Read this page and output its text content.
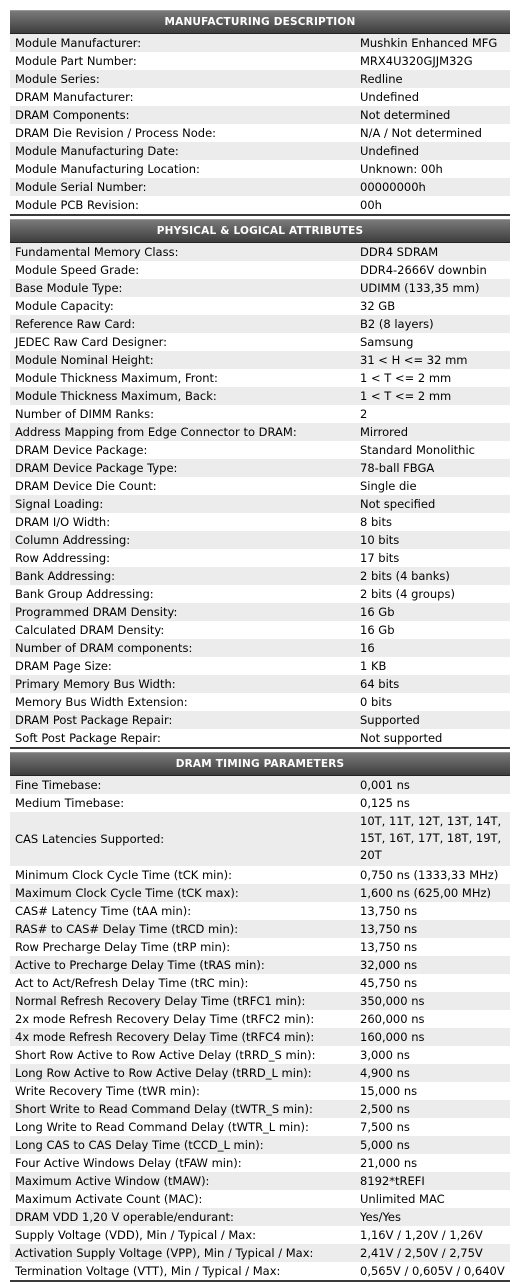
MANUFACTURING DESCRIPTION
Module Manufacturer:	Mushkin Enhanced MFG
Module Part Number:	MRX4U320GJJM32G
Module Series:	Redline
DRAM Manufacturer:	Undefined
DRAM Components:	Not determined
DRAM Die Revision / Process Node:	N/A / Not determined
Module Manufacturing Date:	Undefined
Module Manufacturing Location:	Unknown: 00h
Module Serial Number:	00000000h
Module PCB Revision:	00h
PHYSICAL & LOGICAL ATTRIBUTES
Fundamental Memory Class:	DDR4 SDRAM
Module Speed Grade:	DDR4-2666V downbin
Base Module Type:	UDIMM (133,35 mm)
Module Capacity:	32 GB
Reference Raw Card:	B2 (8 layers)
JEDEC Raw Card Designer:	Samsung
Module Nominal Height:	31 < H <= 32 mm
Module Thickness Maximum, Front:	1 < T <= 2 mm
Module Thickness Maximum, Back:	1 < T <= 2 mm
Number of DIMM Ranks:	2
Address Mapping from Edge Connector to DRAM:	Mirrored
DRAM Device Package:	Standard Monolithic
DRAM Device Package Type:	78-ball FBGA
DRAM Device Die Count:	Single die
Signal Loading:	Not specified
DRAM I/O Width:	8 bits
Column Addressing:	10 bits
Row Addressing:	17 bits
Bank Addressing:	2 bits (4 banks)
Bank Group Addressing:	2 bits (4 groups)
Programmed DRAM Density:	16 Gb
Calculated DRAM Density:	16 Gb
Number of DRAM components:	16
DRAM Page Size:	1 KB
Primary Memory Bus Width:	64 bits
Memory Bus Width Extension:	0 bits
DRAM Post Package Repair:	Supported
Soft Post Package Repair:	Not supported
DRAM TIMING PARAMETERS
Fine Timebase:	0,001 ns
Medium Timebase:	0,125 ns
CAS Latencies Supported:
10T, 11T, 12T, 13T, 14T, 15T, 16T, 17T, 18T, 19T, 20T
Minimum Clock Cycle Time (tCK min):	0,750 ns (1333,33 MHz)
Maximum Clock Cycle Time (tCK max):	1,600 ns (625,00 MHz)
CAS# Latency Time (tAA min):	13,750 ns
RAS# to CAS# Delay Time (tRCD min):	13,750 ns
Row Precharge Delay Time (tRP min):	13,750 ns
Active to Precharge Delay Time (tRAS min):	32,000 ns
Act to Act/Refresh Delay Time (tRC min):	45,750 ns
Normal Refresh Recovery Delay Time (tRFC1 min):	350,000 ns
2x mode Refresh Recovery Delay Time (tRFC2 min):	260,000 ns
4x mode Refresh Recovery Delay Time (tRFC4 min):	160,000 ns
Short Row Active to Row Active Delay (tRRD_S min):	3,000 ns
Long Row Active to Row Active Delay (tRRD_L min):	4,900 ns
Write Recovery Time (tWR min):	15,000 ns
Short Write to Read Command Delay (tWTR_S min):	2,500 ns
Long Write to Read Command Delay (tWTR_L min):	7,500 ns
Long CAS to CAS Delay Time (tCCD_L min):	5,000 ns
Four Active Windows Delay (tFAW min):	21,000 ns
Maximum Active Window (tMAW):	8192*tREFI
Maximum Activate Count (MAC):	Unlimited MAC
DRAM VDD 1,20 V operable/endurant:	Yes/Yes
Supply Voltage (VDD), Min / Typical / Max:	1,16V / 1,20V / 1,26V
Activation Supply Voltage (VPP), Min / Typical / Max:	2,41V / 2,50V / 2,75V
Termination Voltage (VTT), Min / Typical / Max:	0,565V / 0,605V / 0,640V
